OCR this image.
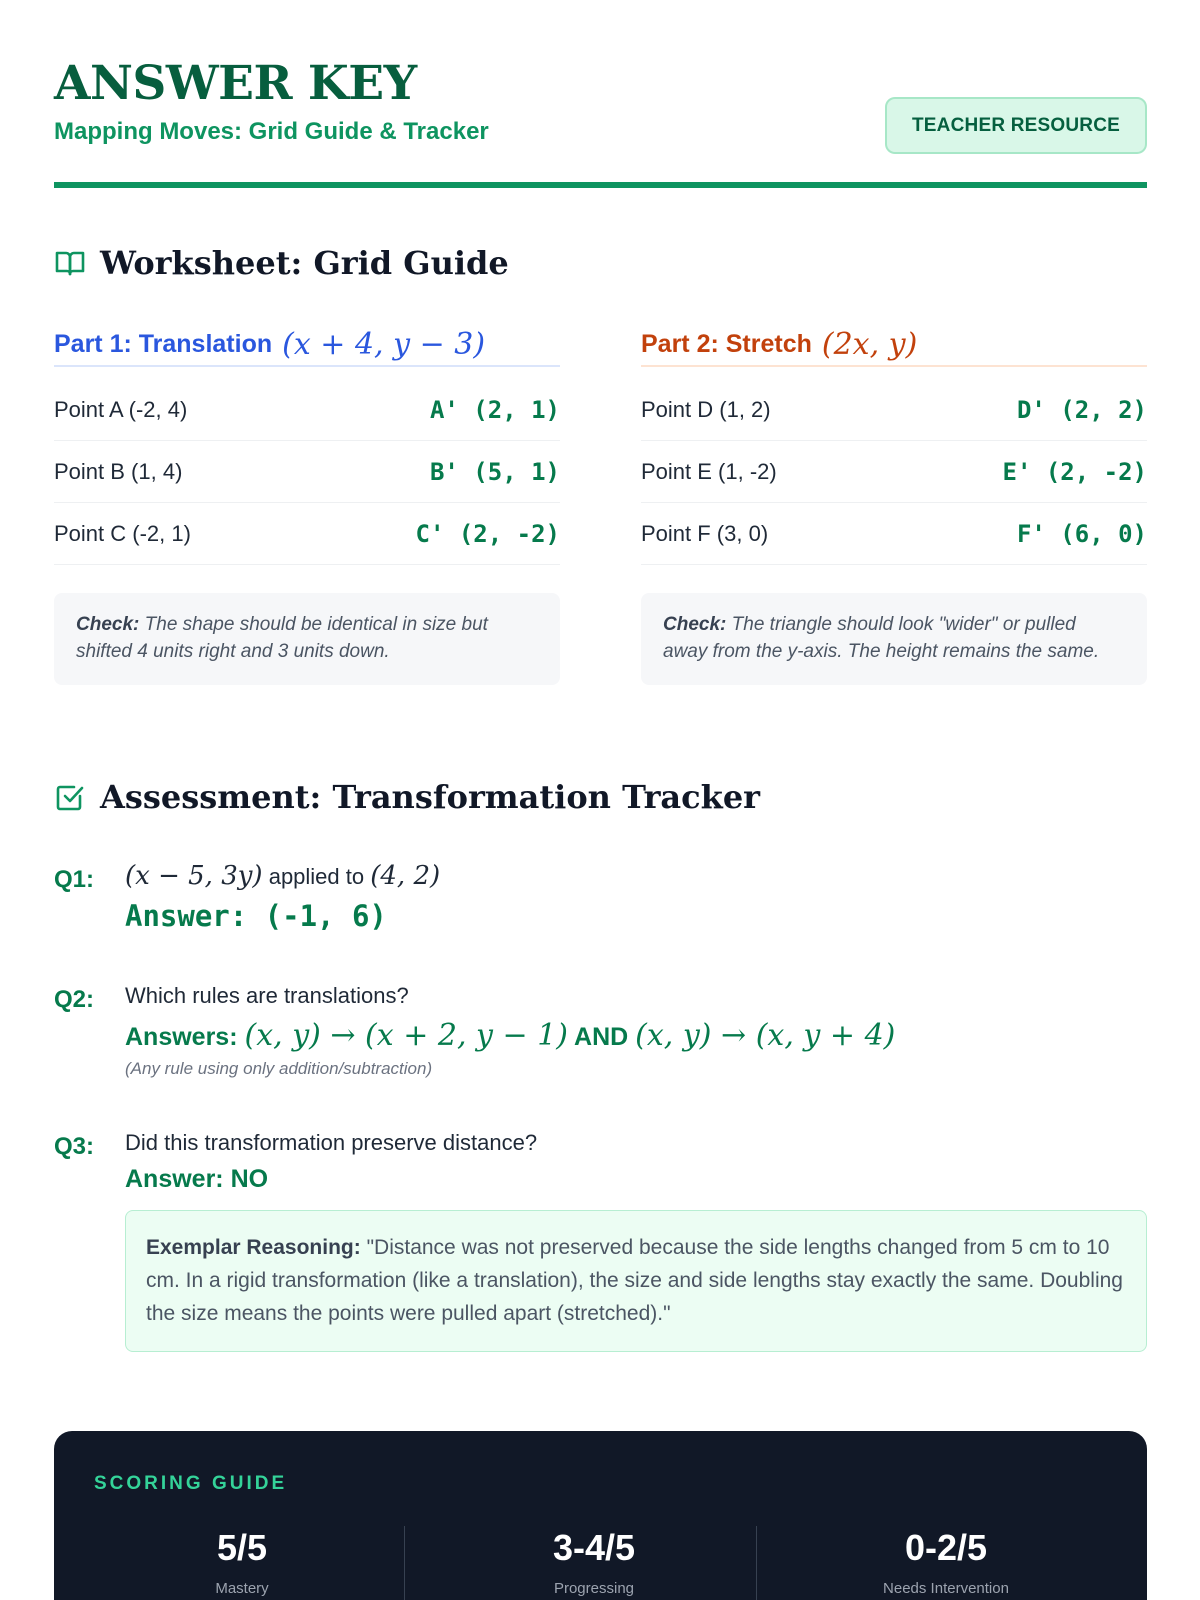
ANSWER KEY
Mapping Moves: Grid Guide & Tracker	TEACHER RESOURCE
Worksheet: Grid Guide
Part 1: Translation (x + 4, y − 3)
Point A (-2, 4)	A' (2, 1)
Point B (1, 4)	B' (5, 1)
Point C (-2, 1)	C' (2, -2)
Check: The shape should be identical in size but shifted 4 units right and 3 units down.
Part 2: Stretch (2x, y)
Point D (1, 2)	D' (2, 2)
Point E (1, -2)	E' (2, -2)
Point F (3, 0)	F' (6, 0)
Check: The triangle should look "wider" or pulled away from the y-axis. The height remains the same.
Assessment: Transformation Tracker
Q1: (x − 5, 3y) applied to (4, 2)
Answer: (-1, 6)
Q2: Which rules are translations?
Answers: (x, y) → (x + 2, y − 1) AND (x, y) → (x, y + 4)
(Any rule using only addition/subtraction)
Q3: Did this transformation preserve distance?
Answer: NO
Exemplar Reasoning: "Distance was not preserved because the side lengths changed from 5 cm to 10 cm. In a rigid transformation (like a translation), the size and side lengths stay exactly the same. Doubling the size means the points were pulled apart (stretched)."
SCORING GUIDE
5/5
Mastery
3-4/5
Progressing
0-2/5
Needs Intervention
